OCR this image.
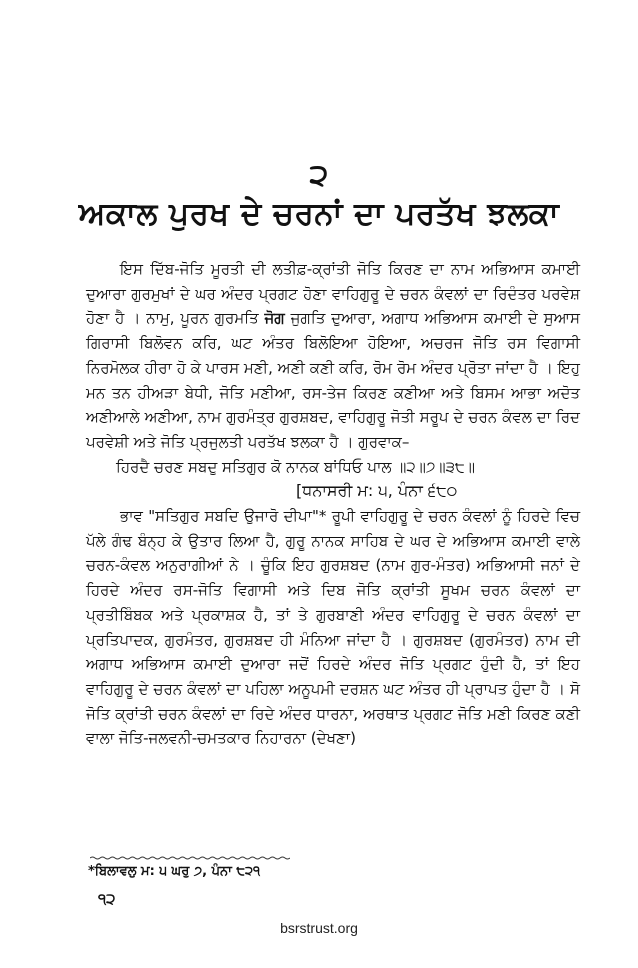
੨
ਅਕਾਲ ਪੁਰਖ ਦੇ ਚਰਨਾਂ ਦਾ ਪਰਤੱਖ ਝਲਕਾ

ਇਸ ਦਿੱਬ-ਜੋਤਿ ਮੂਰਤੀ ਦੀ ਲਤੀਫ਼-ਕ੍ਰਾਂਤੀ ਜੋਤਿ ਕਿਰਣ ਦਾ ਨਾਮ ਅਭਿਆਸ ਕਮਾਈ ਦੁਆਰਾ ਗੁਰਮੁਖਾਂ ਦੇ ਘਰ ਅੰਦਰ ਪ੍ਰਗਟ ਹੋਣਾ ਵਾਹਿਗੁਰੂ ਦੇ ਚਰਨ ਕੰਵਲਾਂ ਦਾ ਰਿਦੰਤਰ ਪਰਵੇਸ਼ ਹੋਣਾ ਹੈ । ਨਾਮੁ, ਪੂਰਨ ਗੁਰਮਤਿ ਜੋਗ ਜੁਗਤਿ ਦੁਆਰਾ, ਅਗਾਧ ਅਭਿਆਸ ਕਮਾਈ ਦੇ ਸੁਆਸ ਗਿਰਾਸੀ ਬਿਲੋਵਨ ਕਰਿ, ਘਟ ਅੰਤਰ ਬਿਲੋਇਆ ਹੋਇਆ, ਅਚਰਜ ਜੋਤਿ ਰਸ ਵਿਗਾਸੀ ਨਿਰਮੋਲਕ ਹੀਰਾ ਹੋ ਕੇ ਪਾਰਸ ਮਣੀ, ਅਣੀ ਕਣੀ ਕਰਿ, ਰੋਮ ਰੋਮ ਅੰਦਰ ਪ੍ਰੋਤਾ ਜਾਂਦਾ ਹੈ । ਇਹੁ ਮਨ ਤਨ ਹੀਅੜਾ ਬੇਧੀ, ਜੋਤਿ ਮਣੀਆ, ਰਸ-ਤੇਜ ਕਿਰਣ ਕਣੀਆ ਅਤੇ ਬਿਸਮ ਆਭਾ ਅਦੋਤ ਅਣੀਆਲੇ ਅਣੀਆ, ਨਾਮ ਗੁਰਮੰਤ੍ਰ ਗੁਰਸ਼ਬਦ, ਵਾਹਿਗੁਰੂ ਜੋਤੀ ਸਰੂਪ ਦੇ ਚਰਨ ਕੰਵਲ ਦਾ ਰਿਦ ਪਰਵੇਸ਼ੀ ਅਤੇ ਜੋਤਿ ਪ੍ਰਜੁਲਤੀ ਪਰਤੱਖ ਝਲਕਾ ਹੈ । ਗੁਰਵਾਕ–

ਹਿਰਦੈ ਚਰਣ ਸਬਦੁ ਸਤਿਗੁਰ ਕੋ ਨਾਨਕ ਬਾਂਧਿਓ ਪਾਲ ॥੨॥੭॥੩੮॥

[ਧਨਾਸਰੀ ਮ: ੫, ਪੰਨਾ ੬੮੦

ਭਾਵ "ਸਤਿਗੁਰ ਸਬਦਿ ਉਜਾਰੋ ਦੀਪਾ"* ਰੂਪੀ ਵਾਹਿਗੁਰੂ ਦੇ ਚਰਨ ਕੰਵਲਾਂ ਨੂੰ ਹਿਰਦੇ ਵਿਚ ਪੱਲੇ ਗੰਢ ਬੰਨ੍ਹ ਕੇ ਉਤਾਰ ਲਿਆ ਹੈ, ਗੁਰੂ ਨਾਨਕ ਸਾਹਿਬ ਦੇ ਘਰ ਦੇ ਅਭਿਆਸ ਕਮਾਈ ਵਾਲੇ ਚਰਨ-ਕੰਵਲ ਅਨੁਰਾਗੀਆਂ ਨੇ । ਚੂੰਕਿ ਇਹ ਗੁਰਸ਼ਬਦ (ਨਾਮ ਗੁਰ-ਮੰਤਰ) ਅਭਿਆਸੀ ਜਨਾਂ ਦੇ ਹਿਰਦੇ ਅੰਦਰ ਰਸ-ਜੋਤਿ ਵਿਗਾਸੀ ਅਤੇ ਦਿਬ ਜੋਤਿ ਕ੍ਰਾਂਤੀ ਸੂਖਮ ਚਰਨ ਕੰਵਲਾਂ ਦਾ ਪ੍ਰਤੀਬਿੰਬਕ ਅਤੇ ਪ੍ਰਕਾਸ਼ਕ ਹੈ, ਤਾਂ ਤੇ ਗੁਰਬਾਣੀ ਅੰਦਰ ਵਾਹਿਗੁਰੂ ਦੇ ਚਰਨ ਕੰਵਲਾਂ ਦਾ ਪ੍ਰਤਿਪਾਦਕ, ਗੁਰਮੰਤਰ, ਗੁਰਸ਼ਬਦ ਹੀ ਮੰਨਿਆ ਜਾਂਦਾ ਹੈ । ਗੁਰਸ਼ਬਦ (ਗੁਰਮੰਤਰ) ਨਾਮ ਦੀ ਅਗਾਧ ਅਭਿਆਸ ਕਮਾਈ ਦੁਆਰਾ ਜਦੋਂ ਹਿਰਦੇ ਅੰਦਰ ਜੋਤਿ ਪ੍ਰਗਟ ਹੁੰਦੀ ਹੈ, ਤਾਂ ਇਹ ਵਾਹਿਗੁਰੂ ਦੇ ਚਰਨ ਕੰਵਲਾਂ ਦਾ ਪਹਿਲਾ ਅਨੂਪਮੀ ਦਰਸ਼ਨ ਘਟ ਅੰਤਰ ਹੀ ਪ੍ਰਾਪਤ ਹੁੰਦਾ ਹੈ । ਸੋ ਜੋਤਿ ਕ੍ਰਾਂਤੀ ਚਰਨ ਕੰਵਲਾਂ ਦਾ ਰਿਦੇ ਅੰਦਰ ਧਾਰਨਾ, ਅਰਥਾਤ ਪ੍ਰਗਟ ਜੋਤਿ ਮਣੀ ਕਿਰਣ ਕਣੀ ਵਾਲਾ ਜੋਤਿ-ਜਲਵਨੀ-ਚਮਤਕਾਰ ਨਿਹਾਰਨਾ (ਦੇਖਣਾ)

*ਬਿਲਾਵਲੁ ਮ: ੫ ਘਰੁ ੭, ਪੰਨਾ ੮੨੧
੧੨
bsrstrust.org
